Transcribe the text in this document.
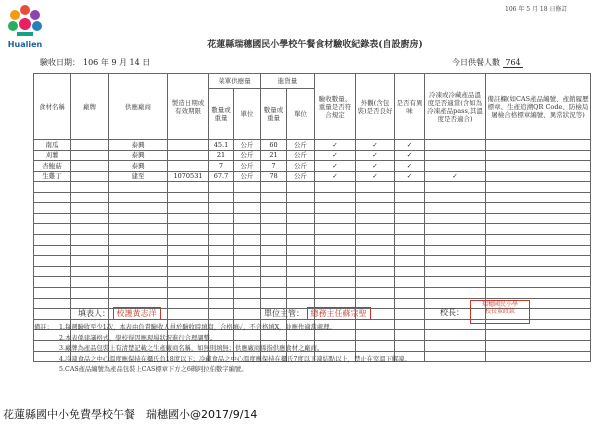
Hualien
106 年 5 月 18 日修訂
花蓮縣瑞穗國民小學校午餐食材驗收紀錄表(自設廚房)
驗收日期： 106 年 9 月 14 日	今日供餐人數 764
食材名稱	廠牌	供應廠商	製造日期或有效期限	菜單供應量		進貨量		驗收數量、重量是否符合規定	外觀(含包裝)是否良好	是否有異味	冷凍或冷藏產品溫度是否適當(含如為冷凍產品pass,其溫度是否適合)	備註欄(如CAS產品編號、產銷履歷標章、生產追溯QR Code、防檢局屠檢合格標章編號、異常狀況等)
				數量或重量	單位	數量或重量	單位					
南瓜		泰興		45.1	公斤	60	公斤	✓	✓	✓		
刈薯		泰興		21	公斤	21	公斤	✓	✓	✓		
杏鮑菇		泰興		7	公斤	7	公斤	✓	✓	✓		
生雞丁		建至	1070531	67.7	公斤	78	公斤	✓	✓	✓	✓	

填表人： 校護黃志洋	單位主管： 總務主任蘇宗聖	校長：
瑞穗國民小學
校長董政欽
備註： 1.每週驗收至少1次，本表由負責驗收人員於驗收時填寫，合格填✓，不合格填X，並應作適當處理。
2.本表係建議格式，學校得因應現場狀況進行合理調整。
3.廠牌為產品包裝上有清楚記載之生產廠商名稱，如無則填無；供應廠商係指供應食材之廠商。
4.冷凍食品之中心溫度應保持在攝氏負18度以下；冷藏食品之中心溫度應保持在攝氏7度以下凍結點以上，禁止在室溫下解凍。
5.CAS產品編號為產品包裝上CAS標章下方之6碼阿拉伯數字編號。
花蓮縣國中小免費學校午餐　瑞穗國小@2017/9/14
